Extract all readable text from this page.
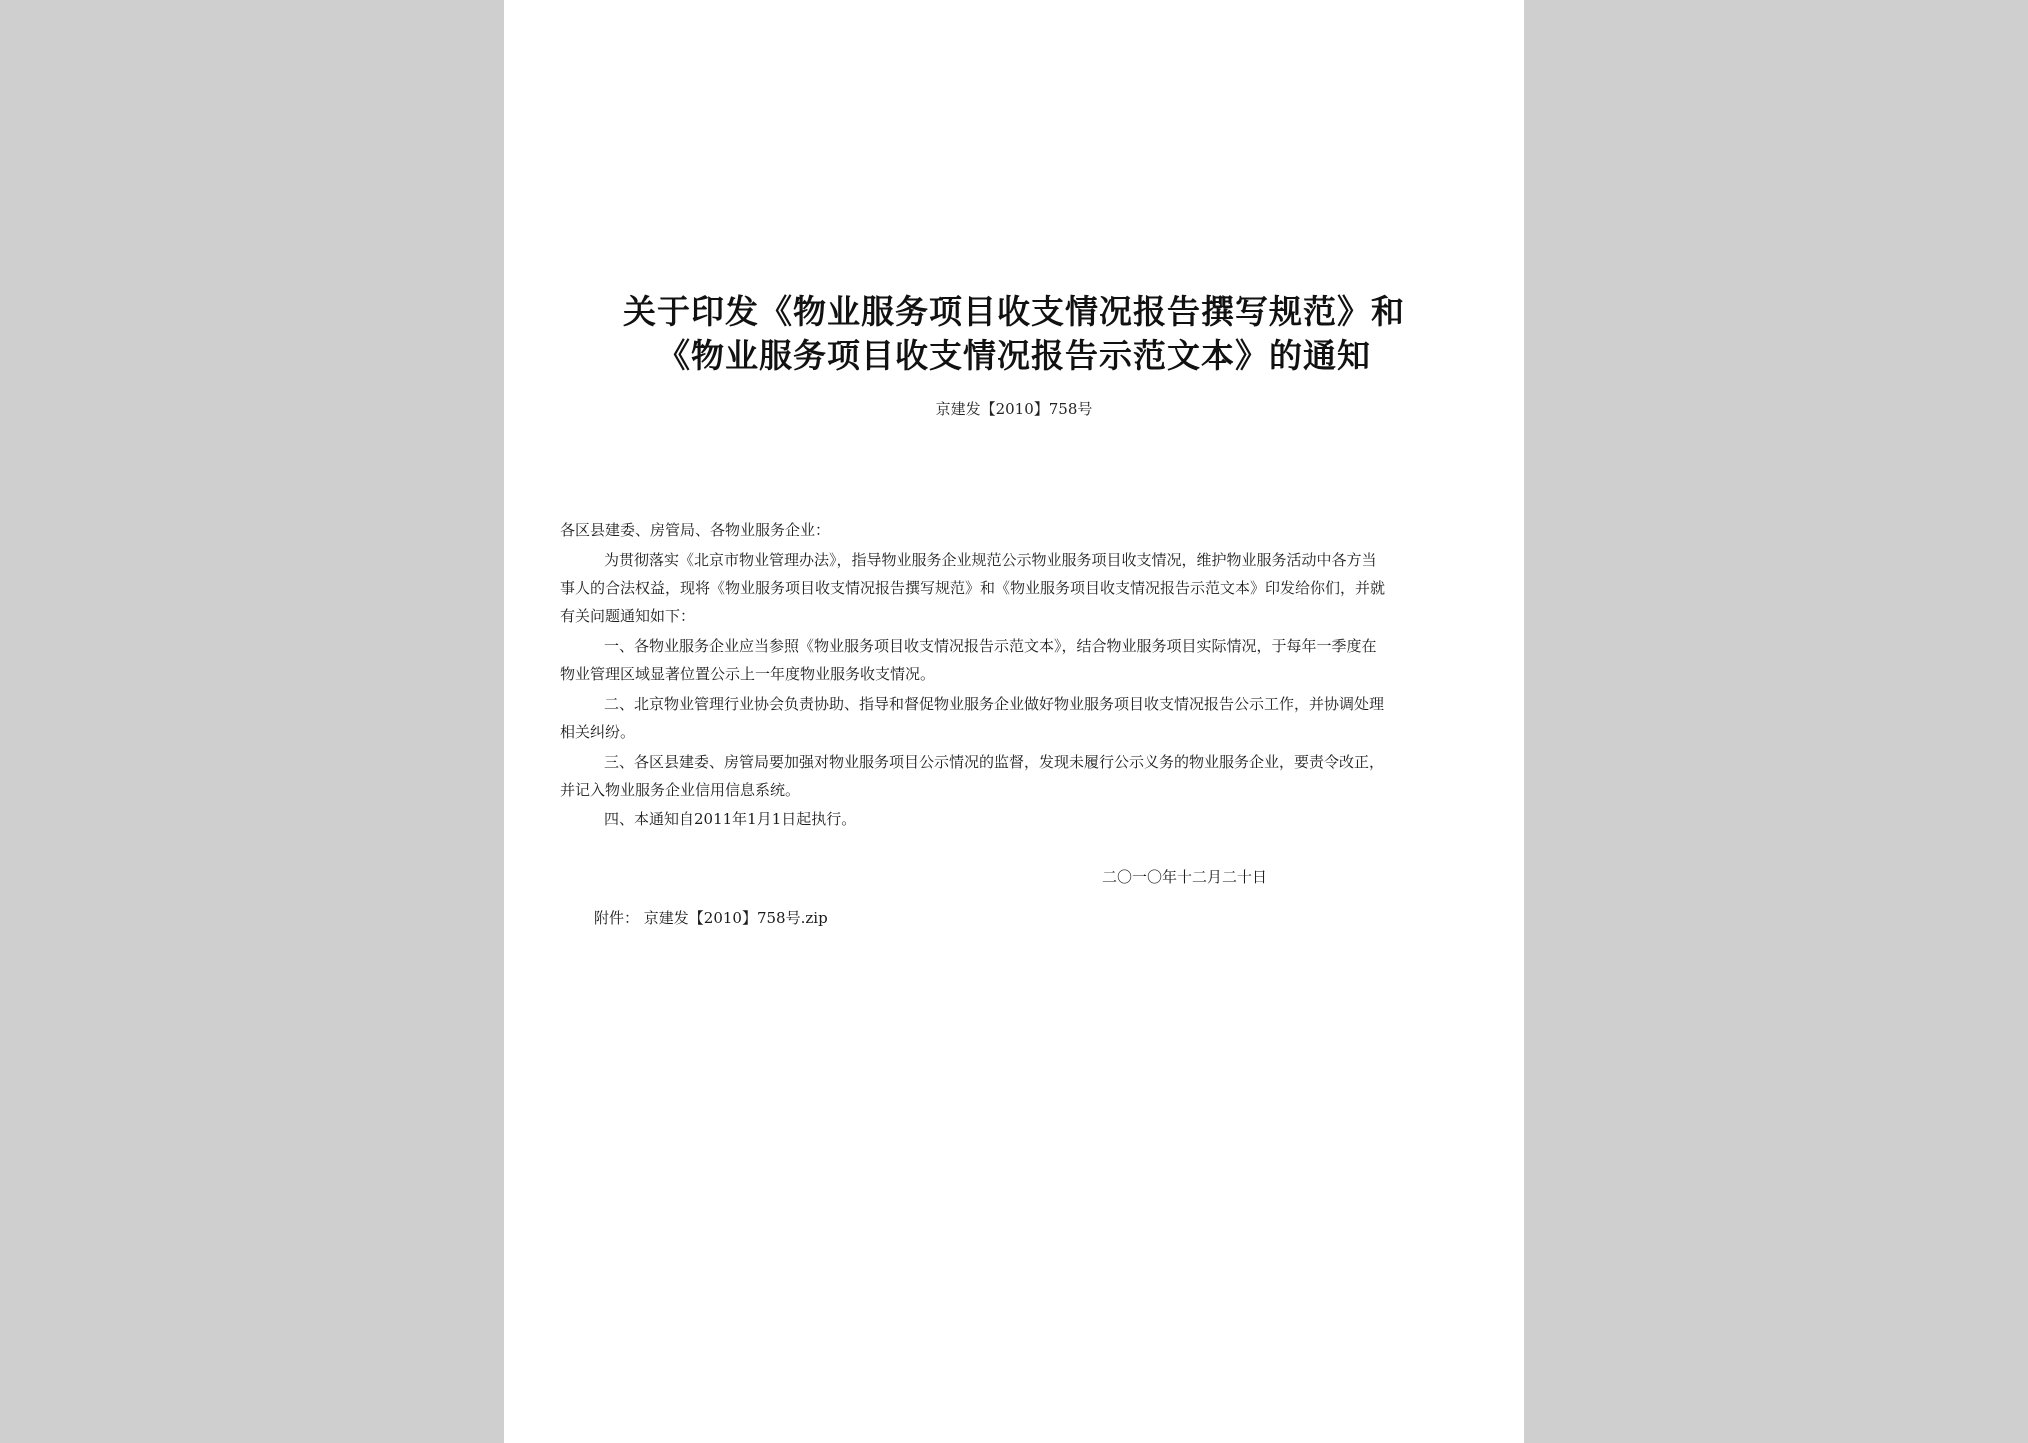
关于印发《物业服务项目收支情况报告撰写规范》和
《物业服务项目收支情况报告示范文本》的通知
京建发【2010】758号
各区县建委、房管局、各物业服务企业：
为贯彻落实《北京市物业管理办法》，指导物业服务企业规范公示物业服务项目收支情况，维护物业服务活动中各方当
事人的合法权益，现将《物业服务项目收支情况报告撰写规范》和《物业服务项目收支情况报告示范文本》印发给你们，并就
有关问题通知如下：
一、各物业服务企业应当参照《物业服务项目收支情况报告示范文本》，结合物业服务项目实际情况，于每年一季度在
物业管理区域显著位置公示上一年度物业服务收支情况。
二、北京物业管理行业协会负责协助、指导和督促物业服务企业做好物业服务项目收支情况报告公示工作，并协调处理
相关纠纷。
三、各区县建委、房管局要加强对物业服务项目公示情况的监督，发现未履行公示义务的物业服务企业，要责令改正，
并记入物业服务企业信用信息系统。
四、本通知自2011年1月1日起执行。
二〇一〇年十二月二十日
附件： 京建发【2010】758号.zip
